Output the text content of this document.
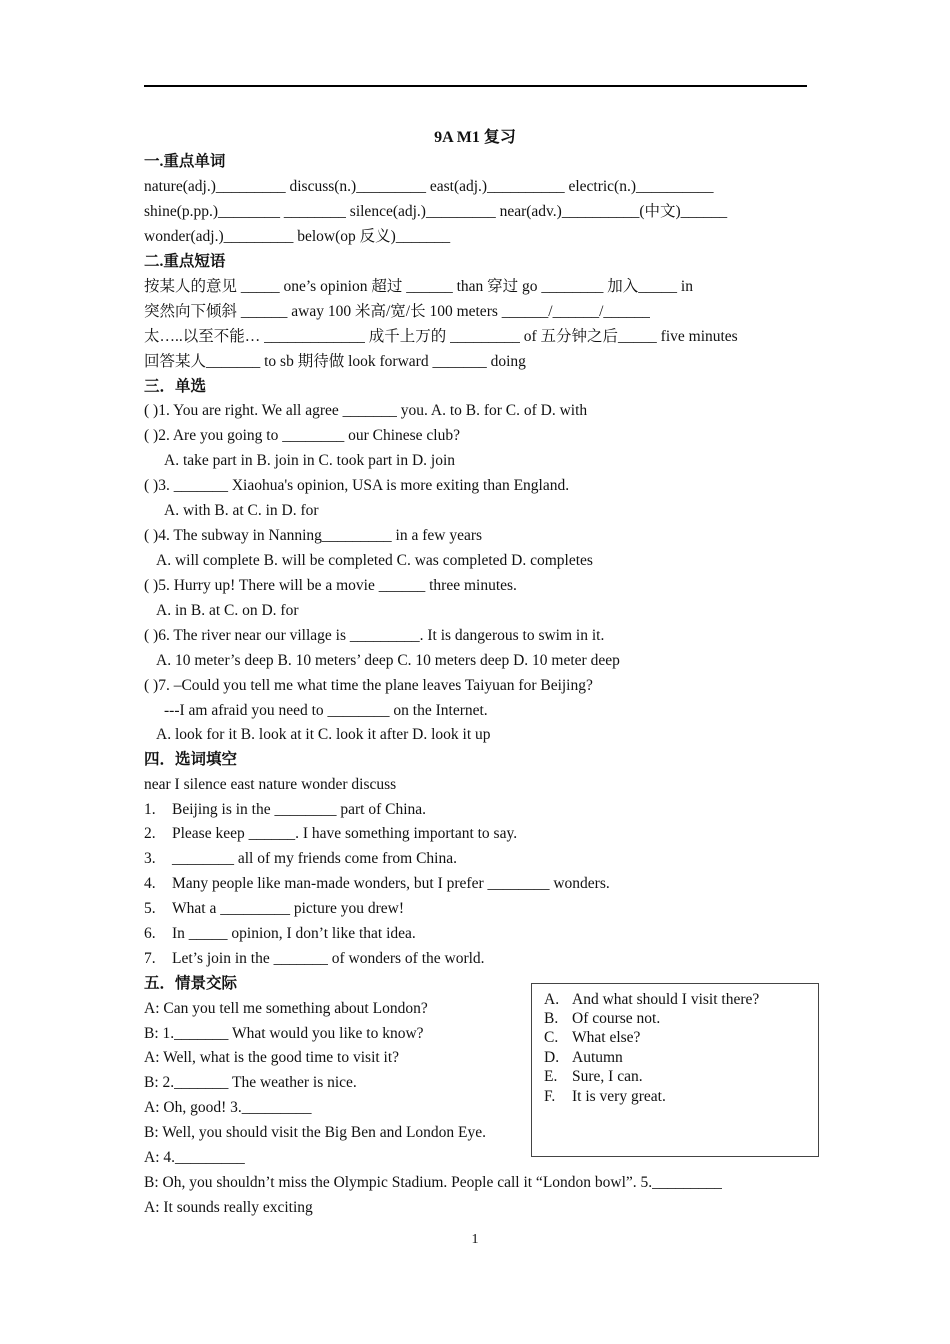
9A M1 复习
一.重点单词
nature(adj.)_________ discuss(n.)_________ east(adj.)__________ electric(n.)__________
shine(p.pp.)________ ________ silence(adj.)_________ near(adv.)__________(中文)______
wonder(adj.)_________ below(op 反义)_______
二.重点短语
按某人的意见 _____ one’s opinion 超过 ______ than 穿过 go ________ 加入_____ in
突然向下倾斜 ______ away 100 米高/宽/长 100 meters ______/______/______
太…..以至不能… _____________ 成千上万的 _________ of 五分钟之后_____ five minutes
回答某人_______ to sb 期待做 look forward _______ doing
三．单选
( )1. You are right. We all agree _______ you. A. to B. for C. of D. with
( )2. Are you going to ________ our Chinese club?
A. take part in B. join in C. took part in D. join
( )3. _______ Xiaohua's opinion, USA is more exiting than England.
A. with B. at C. in D. for
( )4. The subway in Nanning_________ in a few years
A. will complete B. will be completed C. was completed D. completes
( )5. Hurry up! There will be a movie ______ three minutes.
A. in B. at C. on D. for
( )6. The river near our village is _________. It is dangerous to swim in it.
A. 10 meter’s deep B. 10 meters’ deep C. 10 meters deep D. 10 meter deep
( )7. –Could you tell me what time the plane leaves Taiyuan for Beijing?
---I am afraid you need to ________ on the Internet.
A. look for it B. look at it C. look it after D. look it up
四．选词填空
near I silence east nature wonder discuss
1. Beijing is in the ________ part of China.
2. Please keep ______. I have something important to say.
3. ________ all of my friends come from China.
4. Many people like man-made wonders, but I prefer ________ wonders.
5. What a _________ picture you drew!
6. In _____ opinion, I don’t like that idea.
7. Let’s join in the _______ of wonders of the world.
五．情景交际
A: Can you tell me something about London?
B: 1._______ What would you like to know?
A: Well, what is the good time to visit it?
B: 2._______ The weather is nice.
A: Oh, good! 3._________
B: Well, you should visit the Big Ben and London Eye.
A: 4._________
B: Oh, you shouldn’t miss the Olympic Stadium. People call it “London bowl”. 5._________
A: It sounds really exciting
A. And what should I visit there?
B. Of course not.
C. What else?
D. Autumn
E. Sure, I can.
F. It is very great.
1
